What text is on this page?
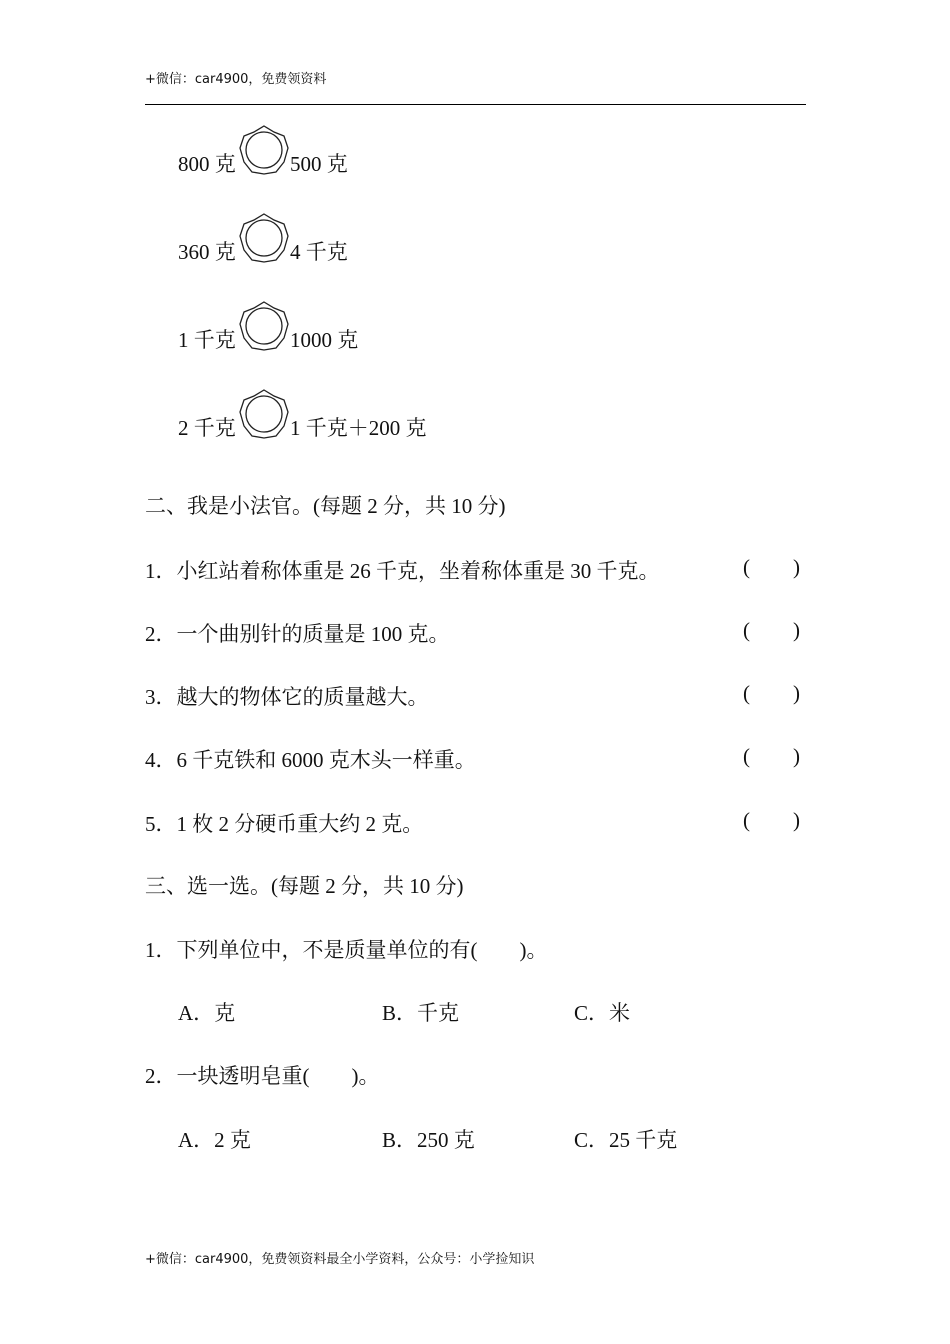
+微信：car4900，免费领资料
800 克	500 克
360 克	4 千克
1 千克	1000 克
2 千克	1 千克＋200 克
二、我是小法官。(每题 2 分，共 10 分)
1．小红站着称体重是 26 千克，坐着称体重是 30 千克。	( )
2．一个曲别针的质量是 100 克。	( )
3．越大的物体它的质量越大。	( )
4．6 千克铁和 6000 克木头一样重。	( )
5．1 枚 2 分硬币重大约 2 克。	( )
三、选一选。(每题 2 分，共 10 分)
1．下列单位中，不是质量单位的有(　　)。
A．克	B．千克	C．米
2．一块透明皂重(　　)。
A．2 克	B．250 克	C．25 千克
+微信：car4900，免费领资料最全小学资料，公众号：小学捡知识
